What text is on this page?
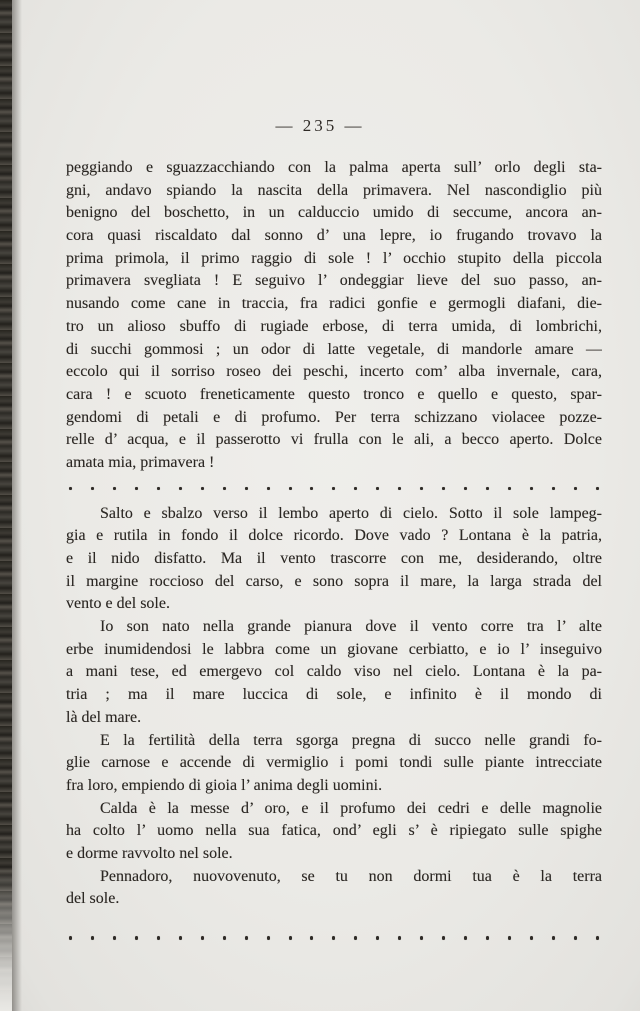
— 235 —

peggiando e sguazzacchiando con la palma aperta sull’ orlo degli sta-
gni, andavo spiando la nascita della primavera. Nel nascondiglio più
benigno del boschetto, in un calduccio umido di seccume, ancora an-
cora quasi riscaldato dal sonno d’ una lepre, io frugando trovavo la
prima primola, il primo raggio di sole ! l’ occhio stupito della piccola
primavera svegliata ! E seguivo l’ ondeggiar lieve del suo passo, an-
nusando come cane in traccia, fra radici gonfie e germogli diafani, die-
tro un alioso sbuffo di rugiade erbose, di terra umida, di lombrichi,
di succhi gommosi ; un odor di latte vegetale, di mandorle amare —
eccolo qui il sorriso roseo dei peschi, incerto com’ alba invernale, cara,
cara ! e scuoto freneticamente questo tronco e quello e questo, spar-
gendomi di petali e di profumo. Per terra schizzano violacee pozze-
relle d’ acqua, e il passerotto vi frulla con le ali, a becco aperto. Dolce
amata mia, primavera !

Salto e sbalzo verso il lembo aperto di cielo. Sotto il sole lampeg-
gia e rutila in fondo il dolce ricordo. Dove vado ? Lontana è la patria,
e il nido disfatto. Ma il vento trascorre con me, desiderando, oltre
il margine roccioso del carso, e sono sopra il mare, la larga strada del
vento e del sole.

Io son nato nella grande pianura dove il vento corre tra l’ alte
erbe inumidendosi le labbra come un giovane cerbiatto, e io l’ inseguivo
a mani tese, ed emergevo col caldo viso nel cielo. Lontana è la pa-
tria ; ma il mare luccica di sole, e infinito è il mondo di
là del mare.

E la fertilità della terra sgorga pregna di succo nelle grandi fo-
glie carnose e accende di vermiglio i pomi tondi sulle piante intrecciate
fra loro, empiendo di gioia l’ anima degli uomini.

Calda è la messe d’ oro, e il profumo dei cedri e delle magnolie
ha colto l’ uomo nella sua fatica, ond’ egli s’ è ripiegato sulle spighe
e dorme ravvolto nel sole.

Pennadoro, nuovovenuto, se tu non dormi tua è la terra
del sole.
